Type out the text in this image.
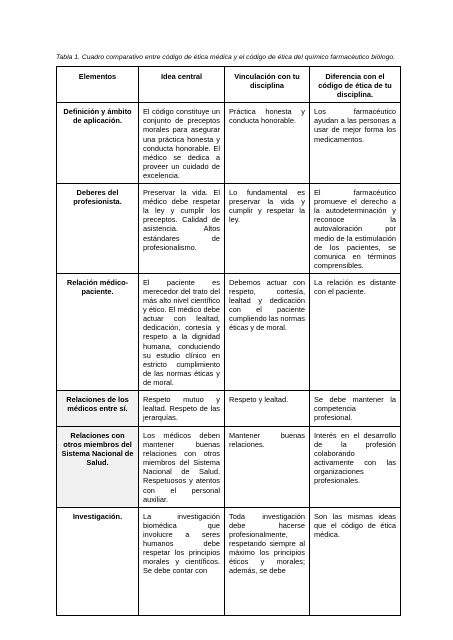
Tabla 1. Cuadro comparativo entre código de ética médica y el código de ética del químico farmacéutico biólogo.
Elementos	Idea central	Vinculación con tu disciplina	Diferencia con el código de ética de tu disciplina.
Definición y ámbito de aplicación.	El código constituye un conjunto de preceptos morales para asegurar una práctica honesta y conducta honorable. El médico se dedica a proveer un cuidado de excelencia.	Práctica honesta y conducta honorable.	Los farmacéutico ayudan a las personas a usar de mejor forma los medicamentos.
Deberes del profesionista.	Preservar la vida. El médico debe respetar la ley y cumplir los preceptos. Calidad de asistencia. Altos estándares de profesionalismo.	Lo fundamental es preservar la vida y cumplir y respetar la ley.	El farmacéutico promueve el derecho a la autodeterminación y reconoce la autovaloración por medio de la estimulación de los pacientes, se comunica en términos comprensibles.
Relación médico-paciente.	El paciente es merecedor del trato del más alto nivel científico y ético. El médico debe actuar con lealtad, dedicación, cortesía y respeto a la dignidad humana, conduciendo su estudio clínico en estricto cumplimiento de las normas éticas y de moral.	Debemos actuar con respeto, cortesía, lealtad y dedicación con el paciente cumpliendo las normas éticas y de moral.	La relación es distante con el paciente.
Relaciones de los médicos entre sí.	Respeto mutuo y lealtad. Respeto de las jerarquías.	Respeto y lealtad.	Se debe mantener la competencia profesional.
Relaciones con otros miembros del Sistema Nacional de Salud.	Los médicos deben mantener buenas relaciones con otros miembros del Sistema Nacional de Salud. Respetuosos y atentos con el personal auxiliar.	Mantener buenas relaciones.	Interés en el desarrollo de la profesión colaborando activamente con las organizaciones profesionales.
Investigación.	La investigación biomédica que involucre a seres humanos debe respetar los principios morales y científicos. Se debe contar con	Toda investigación debe hacerse profesionalmente, respetando siempre al máximo los principios éticos y morales; además, se debe	Son las mismas ideas que el código de ética médica.
